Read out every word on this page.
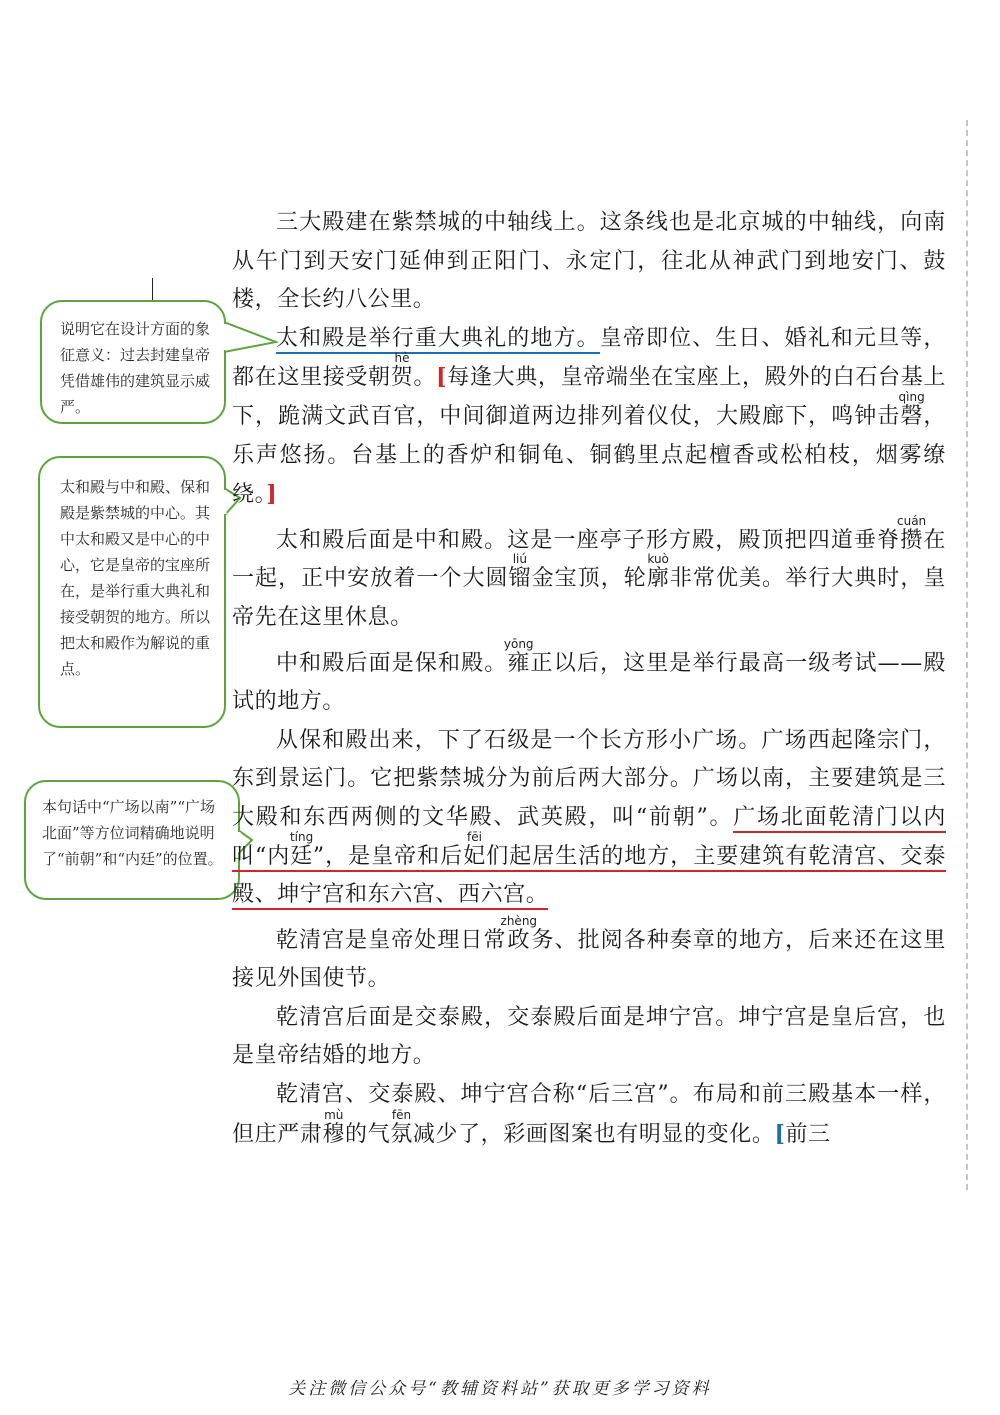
说明它在设计方面的象征意义：过去封建皇帝凭借雄伟的建筑显示威严。
太和殿与中和殿、保和殿是紫禁城的中心。其中太和殿又是中心的中心，它是皇帝的宝座所在，是举行重大典礼和接受朝贺的地方。所以把太和殿作为解说的重点。
本句话中“广场以南”“广场北面”等方位词精确地说明了“前朝”和“内廷”的位置。

三大殿建在紫禁城的中轴线上。这条线也是北京城的中轴线，向南从午门到天安门延伸到正阳门、永定门，往北从神武门到地安门、鼓楼，全长约八公里。

太和殿是举行重大典礼的地方。皇帝即位、生日、婚礼和元旦等，都在这里接受朝贺hè。[每逢大典，皇帝端坐在宝座上，殿外的白石台基上下，跪满文武百官，中间御道两边排列着仪仗，大殿廊下，鸣钟击磬qìng，乐声悠扬。台基上的香炉和铜龟、铜鹤里点起檀香或松柏枝，烟雾缭绕。]

太和殿后面是中和殿。这是一座亭子形方殿，殿顶把四道垂脊攒cuán在一起，正中安放着一个大圆镏liú金宝顶，轮廓kuò非常优美。举行大典时，皇帝先在这里休息。

中和殿后面是保和殿。雍yōng正以后，这里是举行最高一级考试——殿试的地方。

从保和殿出来，下了石级是一个长方形小广场。广场西起隆宗门，东到景运门。它把紫禁城分为前后两大部分。广场以南，主要建筑是三大殿和东西两侧的文华殿、武英殿，叫“前朝”。广场北面乾清门以内叫“内廷tíng”，是皇帝和后妃fēi们起居生活的地方，主要建筑有乾清宫、交泰殿、坤宁宫和东六宫、西六宫。

乾清宫是皇帝处理日常政zhèng务、批阅各种奏章的地方，后来还在这里接见外国使节。

乾清宫后面是交泰殿，交泰殿后面是坤宁宫。坤宁宫是皇后宫，也是皇帝结婚的地方。

乾清宫、交泰殿、坤宁宫合称“后三宫”。布局和前三殿基本一样，但庄严肃穆mù的气氛fēn减少了，彩画图案也有明显的变化。[前三

关注微信公众号“教辅资料站”获取更多学习资料
